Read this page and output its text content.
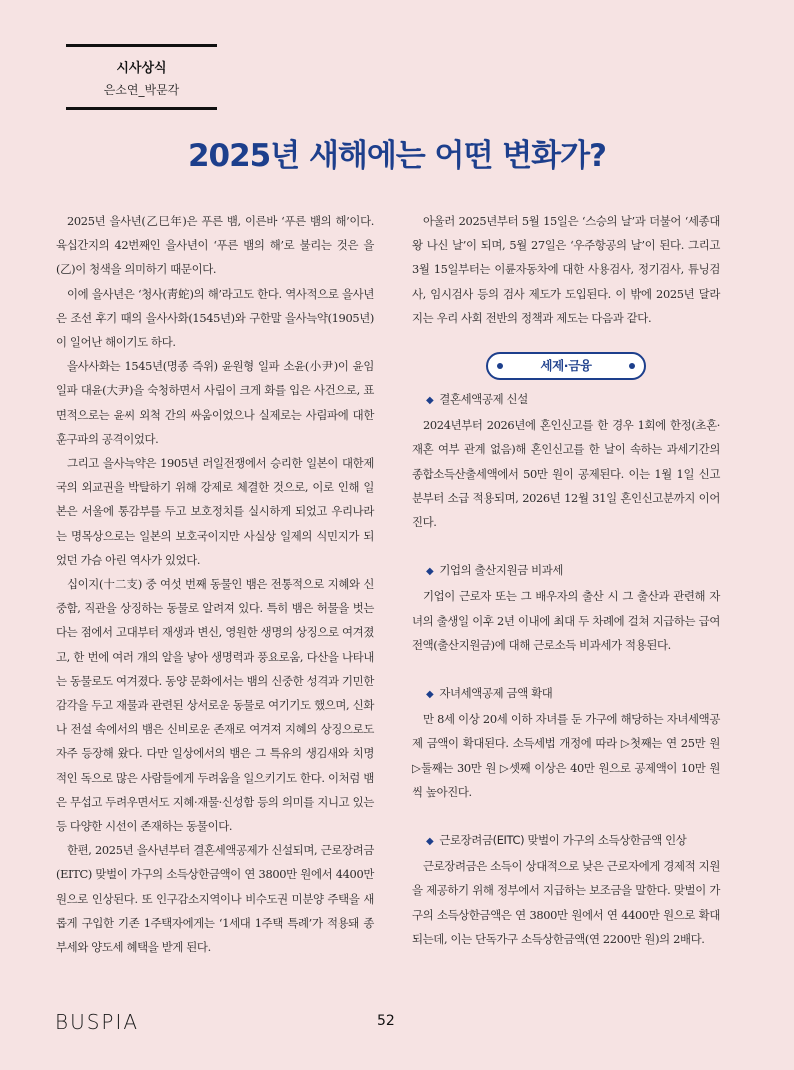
시사상식
은소연_박문각
2025년 새해에는 어떤 변화가?

2025년 을사년(乙巳年)은 푸른 뱀, 이른바 ‘푸른 뱀의 해’이다. 육십간지의 42번째인 을사년이 ‘푸른 뱀의 해’로 불리는 것은 을(乙)이 청색을 의미하기 때문이다.

이에 을사년은 ‘청사(靑蛇)의 해’라고도 한다. 역사적으로 을사년은 조선 후기 때의 을사사화(1545년)와 구한말 을사늑약(1905년)이 일어난 해이기도 하다.

을사사화는 1545년(명종 즉위) 윤원형 일파 소윤(小尹)이 윤임 일파 대윤(大尹)을 숙청하면서 사림이 크게 화를 입은 사건으로, 표면적으로는 윤씨 외척 간의 싸움이었으나 실제로는 사림파에 대한 훈구파의 공격이었다.

그리고 을사늑약은 1905년 러일전쟁에서 승리한 일본이 대한제국의 외교권을 박탈하기 위해 강제로 체결한 것으로, 이로 인해 일본은 서울에 통감부를 두고 보호정치를 실시하게 되었고 우리나라는 명목상으로는 일본의 보호국이지만 사실상 일제의 식민지가 되었던 가슴 아린 역사가 있었다.

십이지(十二支) 중 여섯 번째 동물인 뱀은 전통적으로 지혜와 신중함, 직관을 상징하는 동물로 알려져 있다. 특히 뱀은 허물을 벗는다는 점에서 고대부터 재생과 변신, 영원한 생명의 상징으로 여겨졌고, 한 번에 여러 개의 알을 낳아 생명력과 풍요로움, 다산을 나타내는 동물로도 여겨졌다. 동양 문화에서는 뱀의 신중한 성격과 기민한 감각을 두고 재물과 관련된 상서로운 동물로 여기기도 했으며, 신화나 전설 속에서의 뱀은 신비로운 존재로 여겨져 지혜의 상징으로도 자주 등장해 왔다. 다만 일상에서의 뱀은 그 특유의 생김새와 치명적인 독으로 많은 사람들에게 두려움을 일으키기도 한다. 이처럼 뱀은 무섭고 두려우면서도 지혜·재물·신성함 등의 의미를 지니고 있는 등 다양한 시선이 존재하는 동물이다.

한편, 2025년 을사년부터 결혼세액공제가 신설되며, 근로장려금(EITC) 맞벌이 가구의 소득상한금액이 연 3800만 원에서 4400만 원으로 인상된다. 또 인구감소지역이나 비수도권 미분양 주택을 새롭게 구입한 기존 1주택자에게는 ‘1세대 1주택 특례’가 적용돼 종부세와 양도세 혜택을 받게 된다.

아울러 2025년부터 5월 15일은 ‘스승의 날’과 더불어 ‘세종대왕 나신 날’이 되며, 5월 27일은 ‘우주항공의 날’이 된다. 그리고 3월 15일부터는 이륜자동차에 대한 사용검사, 정기검사, 튜닝검사, 임시검사 등의 검사 제도가 도입된다. 이 밖에 2025년 달라지는 우리 사회 전반의 정책과 제도는 다음과 같다.

세제·금융

◆ 결혼세액공제 신설

2024년부터 2026년에 혼인신고를 한 경우 1회에 한정(초혼·재혼 여부 관계 없음)해 혼인신고를 한 날이 속하는 과세기간의 종합소득산출세액에서 50만 원이 공제된다. 이는 1월 1일 신고분부터 소급 적용되며, 2026년 12월 31일 혼인신고분까지 이어진다.

◆ 기업의 출산지원금 비과세

기업이 근로자 또는 그 배우자의 출산 시 그 출산과 관련해 자녀의 출생일 이후 2년 이내에 최대 두 차례에 걸쳐 지급하는 급여 전액(출산지원금)에 대해 근로소득 비과세가 적용된다.

◆ 자녀세액공제 금액 확대

만 8세 이상 20세 이하 자녀를 둔 가구에 해당하는 자녀세액공제 금액이 확대된다. 소득세법 개정에 따라 ▷첫째는 연 25만 원 ▷둘째는 30만 원 ▷셋째 이상은 40만 원으로 공제액이 10만 원씩 높아진다.

◆ 근로장려금(EITC) 맞벌이 가구의 소득상한금액 인상

근로장려금은 소득이 상대적으로 낮은 근로자에게 경제적 지원을 제공하기 위해 정부에서 지급하는 보조금을 말한다. 맞벌이 가구의 소득상한금액은 연 3800만 원에서 연 4400만 원으로 확대되는데, 이는 단독가구 소득상한금액(연 2200만 원)의 2배다.

BUSPIA	52
